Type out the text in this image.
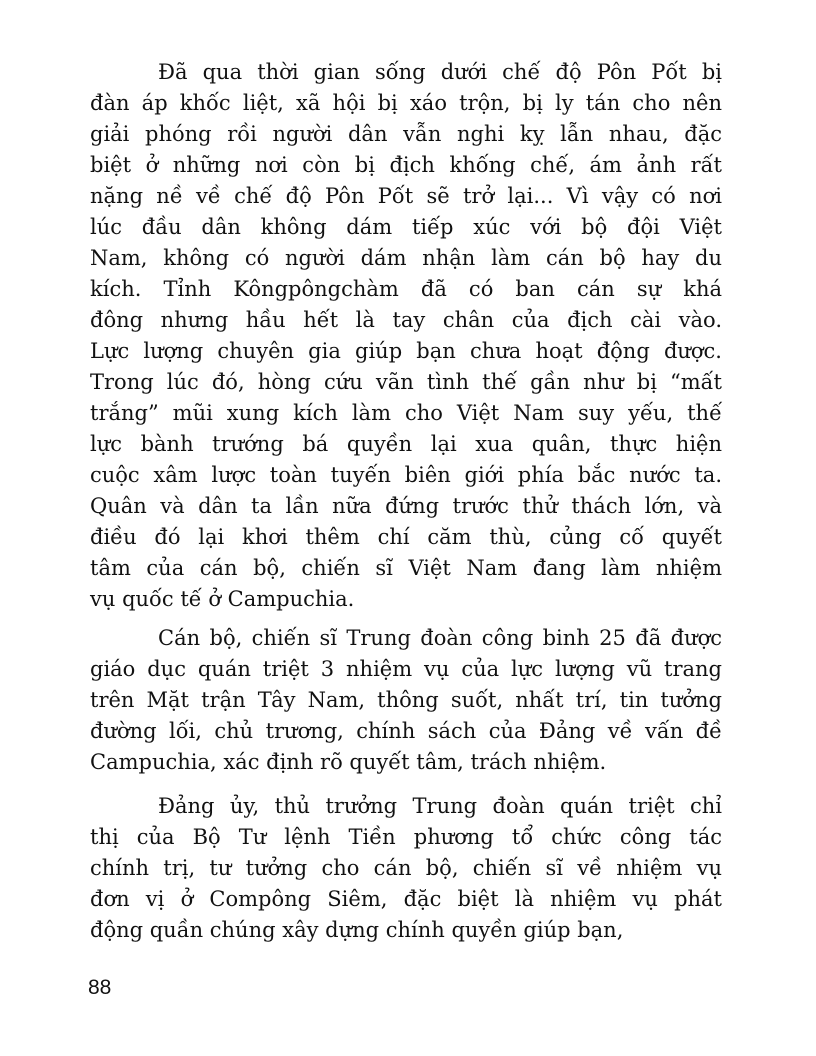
Đã qua thời gian sống dưới chế độ Pôn Pốt bị
đàn áp khốc liệt, xã hội bị xáo trộn, bị ly tán cho nên
giải phóng rồi người dân vẫn nghi kỵ lẫn nhau, đặc
biệt ở những nơi còn bị địch khống chế, ám ảnh rất
nặng nề về chế độ Pôn Pốt sẽ trở lại... Vì vậy có nơi
lúc đầu dân không dám tiếp xúc với bộ đội Việt
Nam, không có người dám nhận làm cán bộ hay du
kích. Tỉnh Kôngpôngchàm đã có ban cán sự khá
đông nhưng hầu hết là tay chân của địch cài vào.
Lực lượng chuyên gia giúp bạn chưa hoạt động được.
Trong lúc đó, hòng cứu vãn tình thế gần như bị “mất
trắng” mũi xung kích làm cho Việt Nam suy yếu, thế
lực bành trướng bá quyền lại xua quân, thực hiện
cuộc xâm lược toàn tuyến biên giới phía bắc nước ta.
Quân và dân ta lần nữa đứng trước thử thách lớn, và
điều đó lại khơi thêm chí căm thù, củng cố quyết
tâm của cán bộ, chiến sĩ Việt Nam đang làm nhiệm
vụ quốc tế ở Campuchia.
Cán bộ, chiến sĩ Trung đoàn công binh 25 đã được
giáo dục quán triệt 3 nhiệm vụ của lực lượng vũ trang
trên Mặt trận Tây Nam, thông suốt, nhất trí, tin tưởng
đường lối, chủ trương, chính sách của Đảng về vấn đề
Campuchia, xác định rõ quyết tâm, trách nhiệm.
Đảng ủy, thủ trưởng Trung đoàn quán triệt chỉ
thị của Bộ Tư lệnh Tiền phương tổ chức công tác
chính trị, tư tưởng cho cán bộ, chiến sĩ về nhiệm vụ
đơn vị ở Compông Siêm, đặc biệt là nhiệm vụ phát
động quần chúng xây dựng chính quyền giúp bạn,
88
